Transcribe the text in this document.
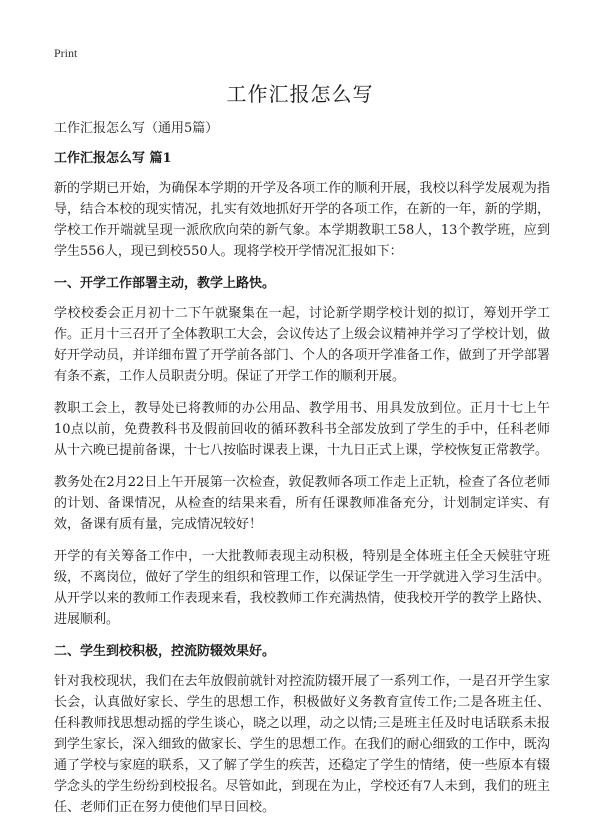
Print
工作汇报怎么写

工作汇报怎么写（通用5篇）

工作汇报怎么写 篇1

新的学期已开始，为确保本学期的开学及各项工作的顺利开展，我校以科学发展观为指导，结合本校的现实情况，扎实有效地抓好开学的各项工作，在新的一年，新的学期，学校工作开端就呈现一派欣欣向荣的新气象。本学期教职工58人，13个教学班，应到学生556人，现已到校550人。现将学校开学情况汇报如下：

一、开学工作部署主动，教学上路快。

学校校委会正月初十二下午就聚集在一起，讨论新学期学校计划的拟订，筹划开学工作。正月十三召开了全体教职工大会，会议传达了上级会议精神并学习了学校计划，做好开学动员，并详细布置了开学前各部门、个人的各项开学准备工作，做到了开学部署有条不紊，工作人员职责分明。保证了开学工作的顺利开展。

教职工会上，教导处已将教师的办公用品、教学用书、用具发放到位。正月十七上午10点以前，免费教科书及假前回收的循环教科书全部发放到了学生的手中，任科老师从十六晚已提前备课，十七八按临时课表上课，十九日正式上课，学校恢复正常教学。

教务处在2月22日上午开展第一次检查，敦促教师各项工作走上正轨，检查了各位老师的计划、备课情况，从检查的结果来看，所有任课教师准备充分，计划制定详实、有效，备课有质有量，完成情况较好！

开学的有关筹备工作中，一大批教师表现主动积极，特别是全体班主任全天候驻守班级，不离岗位，做好了学生的组织和管理工作，以保证学生一开学就进入学习生活中。从开学以来的教师工作表现来看，我校教师工作充满热情，使我校开学的教学上路快、进展顺利。

二、学生到校积极，控流防辍效果好。

针对我校现状，我们在去年放假前就针对控流防辍开展了一系列工作，一是召开学生家长会，认真做好家长、学生的思想工作，积极做好义务教育宣传工作;二是各班主任、任科教师找思想动摇的学生谈心，晓之以理，动之以情;三是班主任及时电话联系未报到学生家长，深入细致的做家长、学生的思想工作。在我们的耐心细致的工作中，既沟通了学校与家庭的联系，又了解了学生的疾苦，还稳定了学生的情绪，使一些原本有辍学念头的学生纷纷到校报名。尽管如此，到现在为止，学校还有7人未到，我们的班主任、老师们正在努力使他们早日回校。
